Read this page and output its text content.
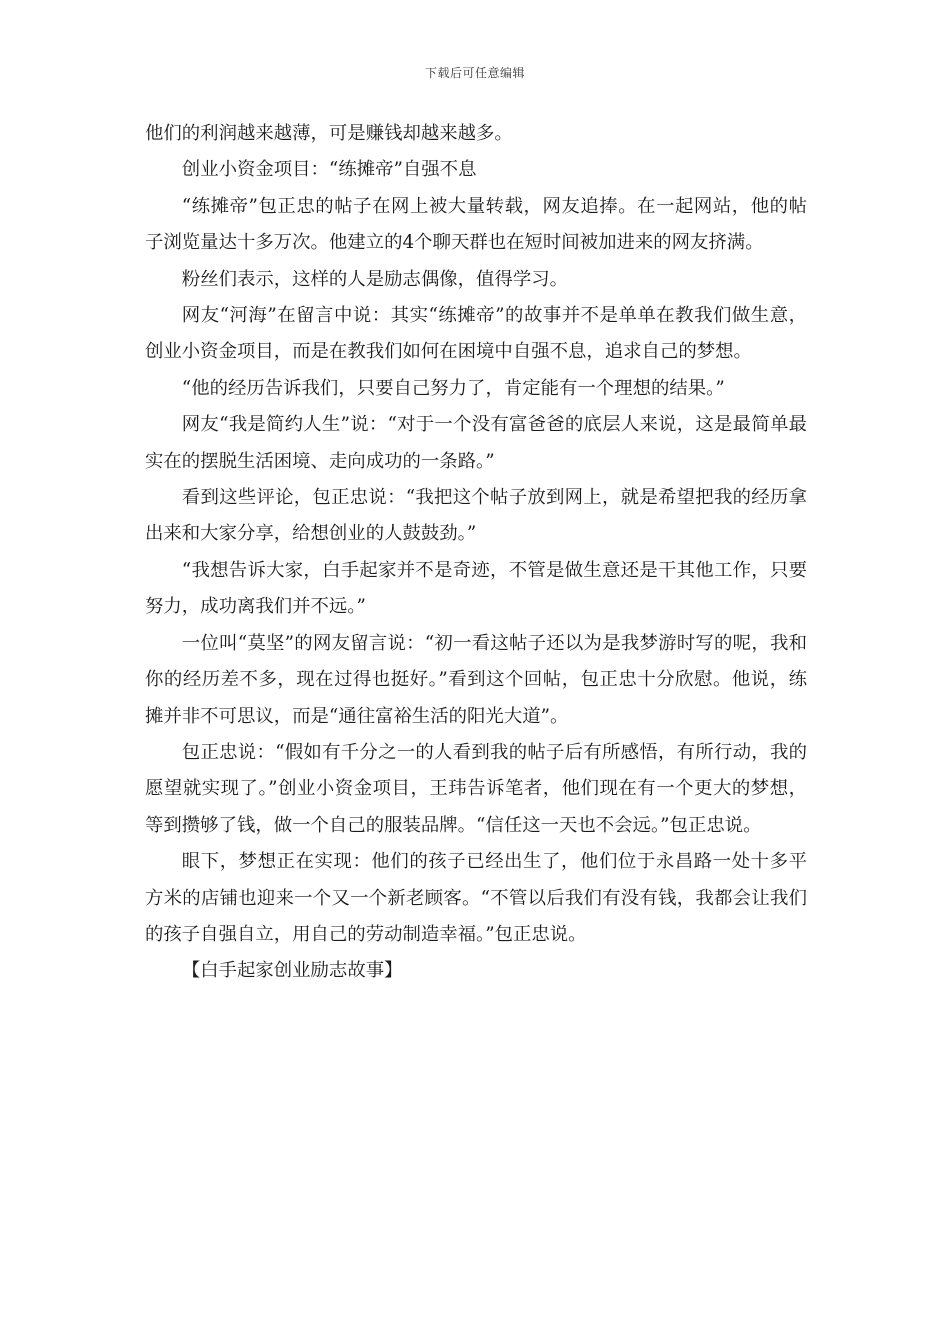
下载后可任意编辑

他们的利润越来越薄，可是赚钱却越来越多。

创业小资金项目：“练摊帝”自强不息

“练摊帝”包正忠的帖子在网上被大量转载，网友追捧。在一起网站，他的帖子浏览量达十多万次。他建立的4个聊天群也在短时间被加进来的网友挤满。

粉丝们表示，这样的人是励志偶像，值得学习。

网友“河海”在留言中说：其实“练摊帝”的故事并不是单单在教我们做生意，创业小资金项目，而是在教我们如何在困境中自强不息，追求自己的梦想。

“他的经历告诉我们，只要自己努力了，肯定能有一个理想的结果。”

网友“我是简约人生”说：“对于一个没有富爸爸的底层人来说，这是最简单最实在的摆脱生活困境、走向成功的一条路。”

看到这些评论，包正忠说：“我把这个帖子放到网上，就是希望把我的经历拿出来和大家分享，给想创业的人鼓鼓劲。”

“我想告诉大家，白手起家并不是奇迹，不管是做生意还是干其他工作，只要努力，成功离我们并不远。”

一位叫“莫坚”的网友留言说：“初一看这帖子还以为是我梦游时写的呢，我和你的经历差不多，现在过得也挺好。”看到这个回帖，包正忠十分欣慰。他说，练摊并非不可思议，而是“通往富裕生活的阳光大道”。

包正忠说：“假如有千分之一的人看到我的帖子后有所感悟，有所行动，我的愿望就实现了。”创业小资金项目，王玮告诉笔者，他们现在有一个更大的梦想，等到攒够了钱，做一个自己的服装品牌。“信任这一天也不会远。”包正忠说。

眼下，梦想正在实现：他们的孩子已经出生了，他们位于永昌路一处十多平方米的店铺也迎来一个又一个新老顾客。“不管以后我们有没有钱，我都会让我们的孩子自强自立，用自己的劳动制造幸福。”包正忠说。

【白手起家创业励志故事】
